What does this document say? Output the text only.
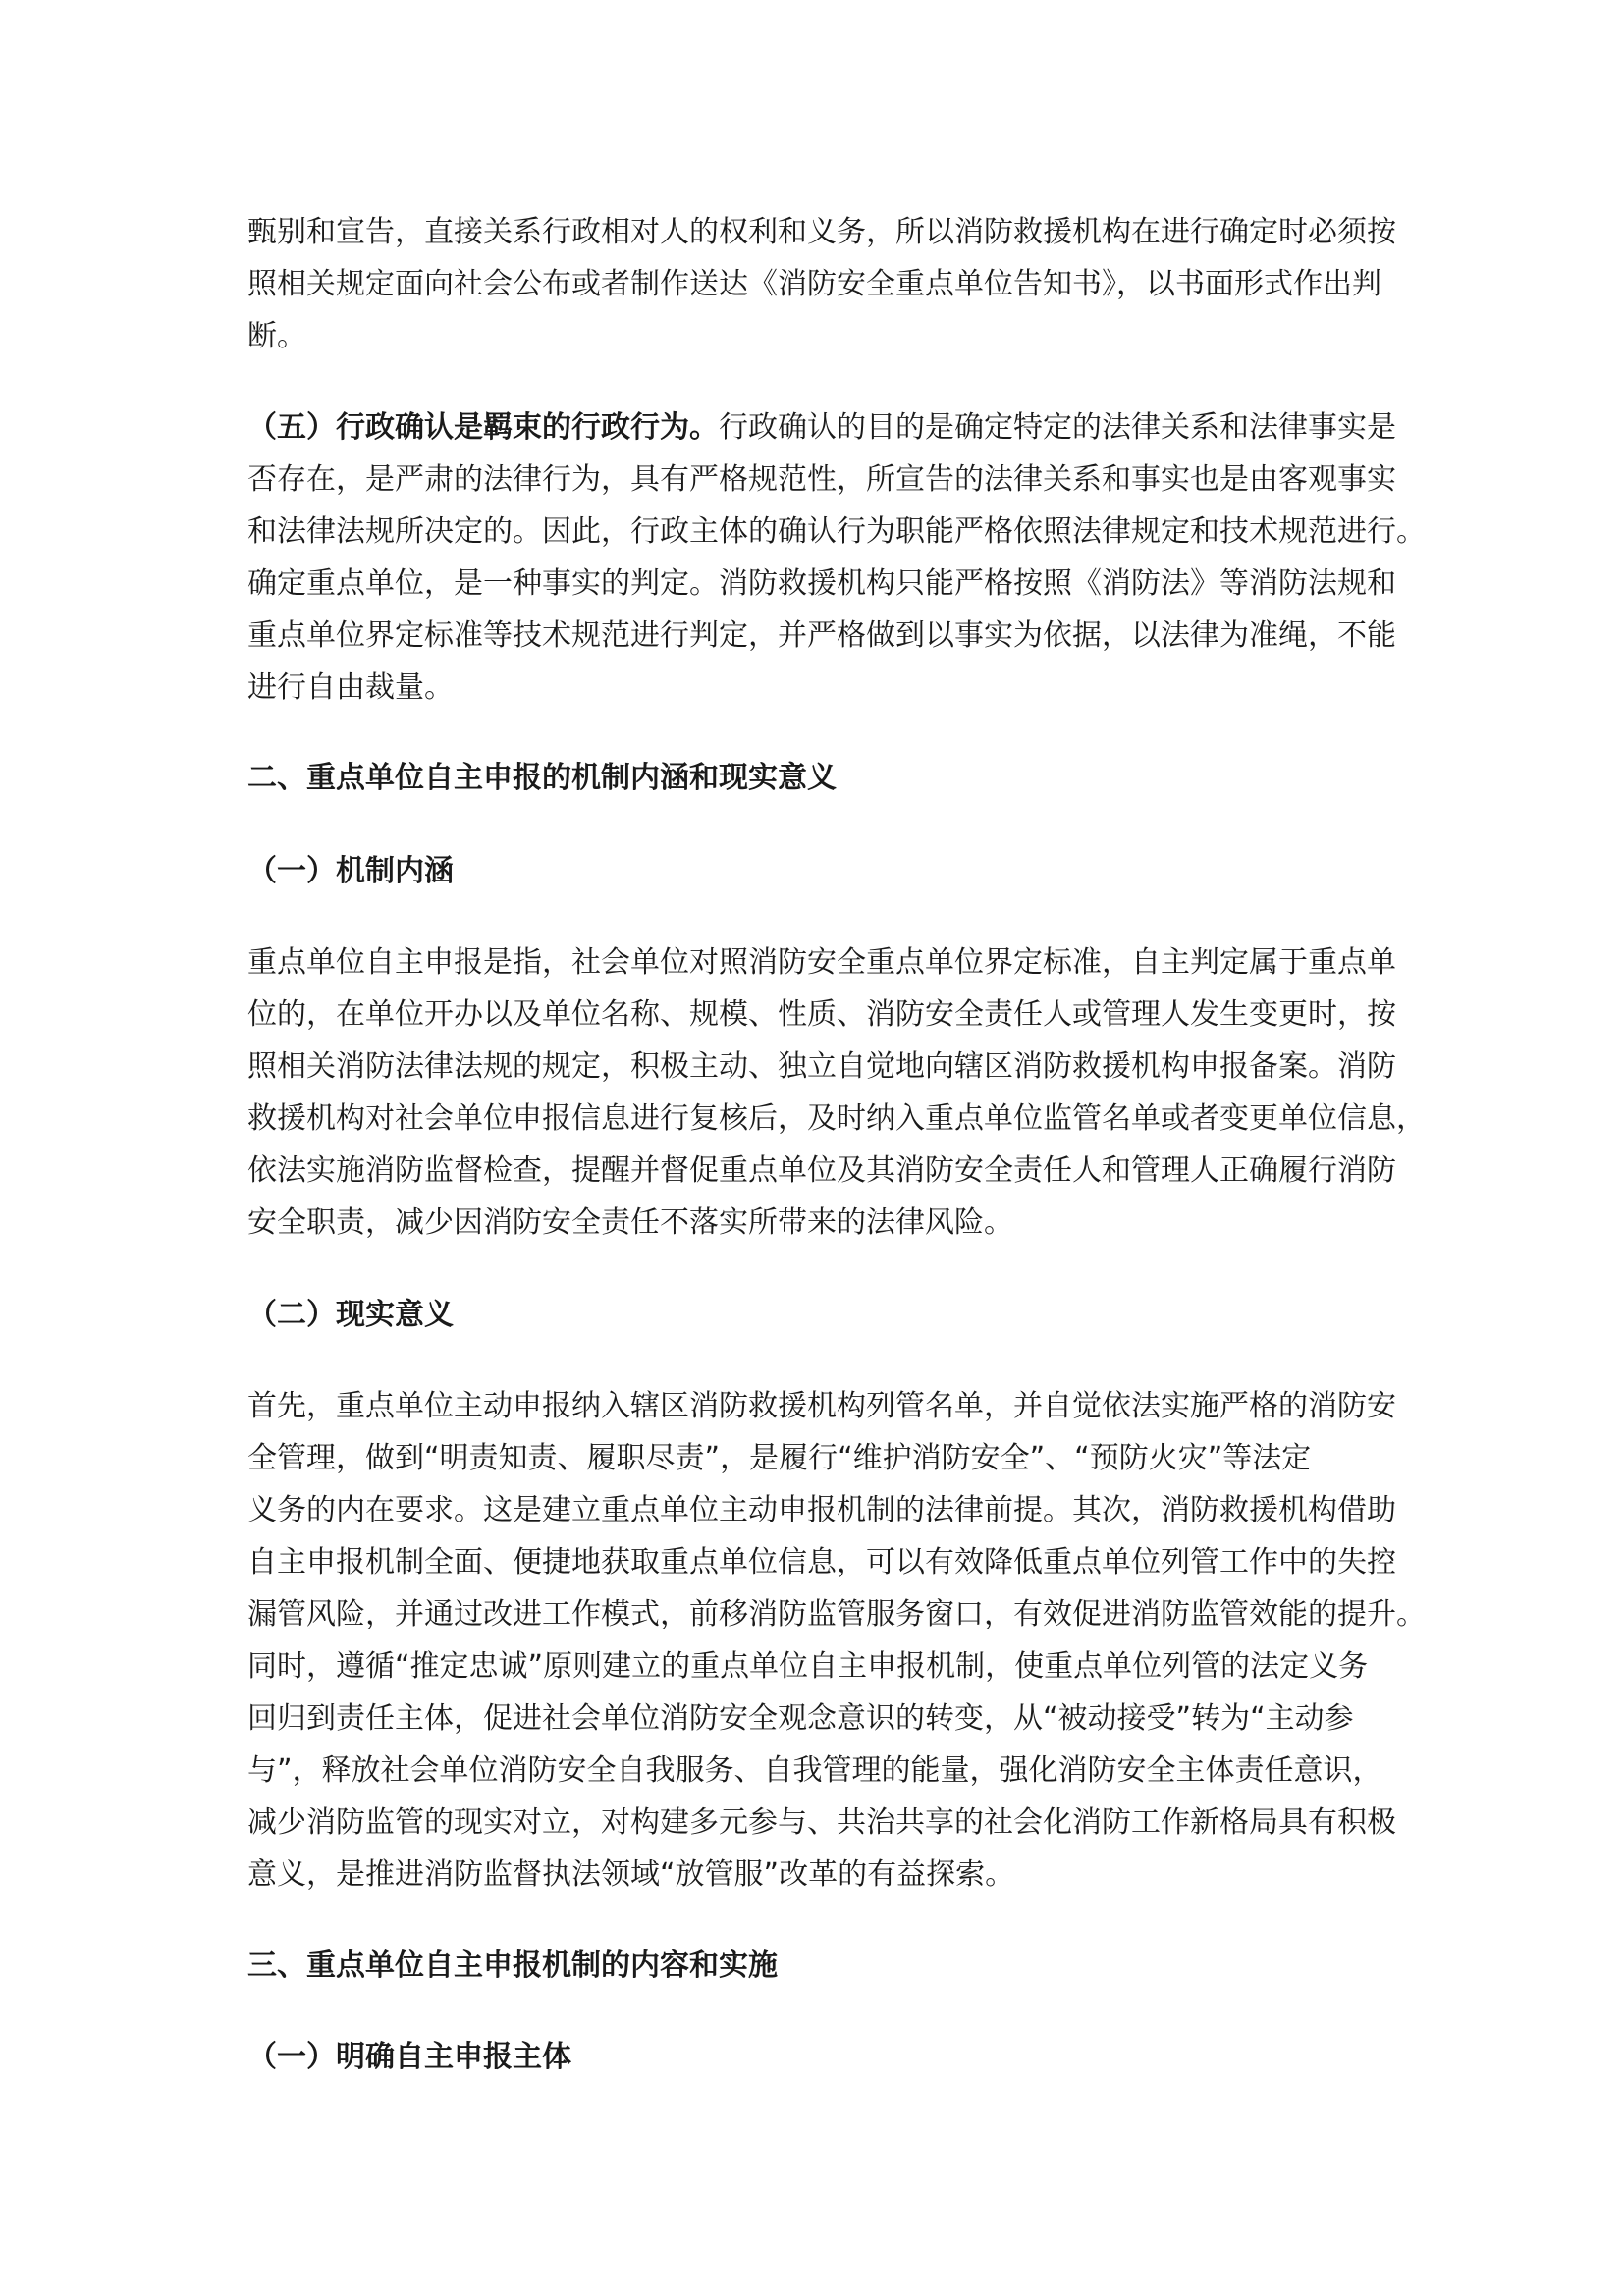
甄别和宣告，直接关系行政相对人的权利和义务，所以消防救援机构在进行确定时必须按
照相关规定面向社会公布或者制作送达《消防安全重点单位告知书》，以书面形式作出判
断。
（五）行政确认是羁束的行政行为。行政确认的目的是确定特定的法律关系和法律事实是
否存在，是严肃的法律行为，具有严格规范性，所宣告的法律关系和事实也是由客观事实
和法律法规所决定的。因此，行政主体的确认行为职能严格依照法律规定和技术规范进行。
确定重点单位，是一种事实的判定。消防救援机构只能严格按照《消防法》等消防法规和
重点单位界定标准等技术规范进行判定，并严格做到以事实为依据，以法律为准绳，不能
进行自由裁量。
二、重点单位自主申报的机制内涵和现实意义
（一）机制内涵
重点单位自主申报是指，社会单位对照消防安全重点单位界定标准，自主判定属于重点单
位的，在单位开办以及单位名称、规模、性质、消防安全责任人或管理人发生变更时，按
照相关消防法律法规的规定，积极主动、独立自觉地向辖区消防救援机构申报备案。消防
救援机构对社会单位申报信息进行复核后，及时纳入重点单位监管名单或者变更单位信息，
依法实施消防监督检查，提醒并督促重点单位及其消防安全责任人和管理人正确履行消防
安全职责，减少因消防安全责任不落实所带来的法律风险。
（二）现实意义
首先，重点单位主动申报纳入辖区消防救援机构列管名单，并自觉依法实施严格的消防安
全管理，做到“明责知责、履职尽责”，是履行“维护消防安全”、“预防火灾”等法定
义务的内在要求。这是建立重点单位主动申报机制的法律前提。其次，消防救援机构借助
自主申报机制全面、便捷地获取重点单位信息，可以有效降低重点单位列管工作中的失控
漏管风险，并通过改进工作模式，前移消防监管服务窗口，有效促进消防监管效能的提升。
同时，遵循“推定忠诚”原则建立的重点单位自主申报机制，使重点单位列管的法定义务
回归到责任主体，促进社会单位消防安全观念意识的转变，从“被动接受”转为“主动参
与”，释放社会单位消防安全自我服务、自我管理的能量，强化消防安全主体责任意识，
减少消防监管的现实对立，对构建多元参与、共治共享的社会化消防工作新格局具有积极
意义，是推进消防监督执法领域“放管服”改革的有益探索。
三、重点单位自主申报机制的内容和实施
（一）明确自主申报主体
